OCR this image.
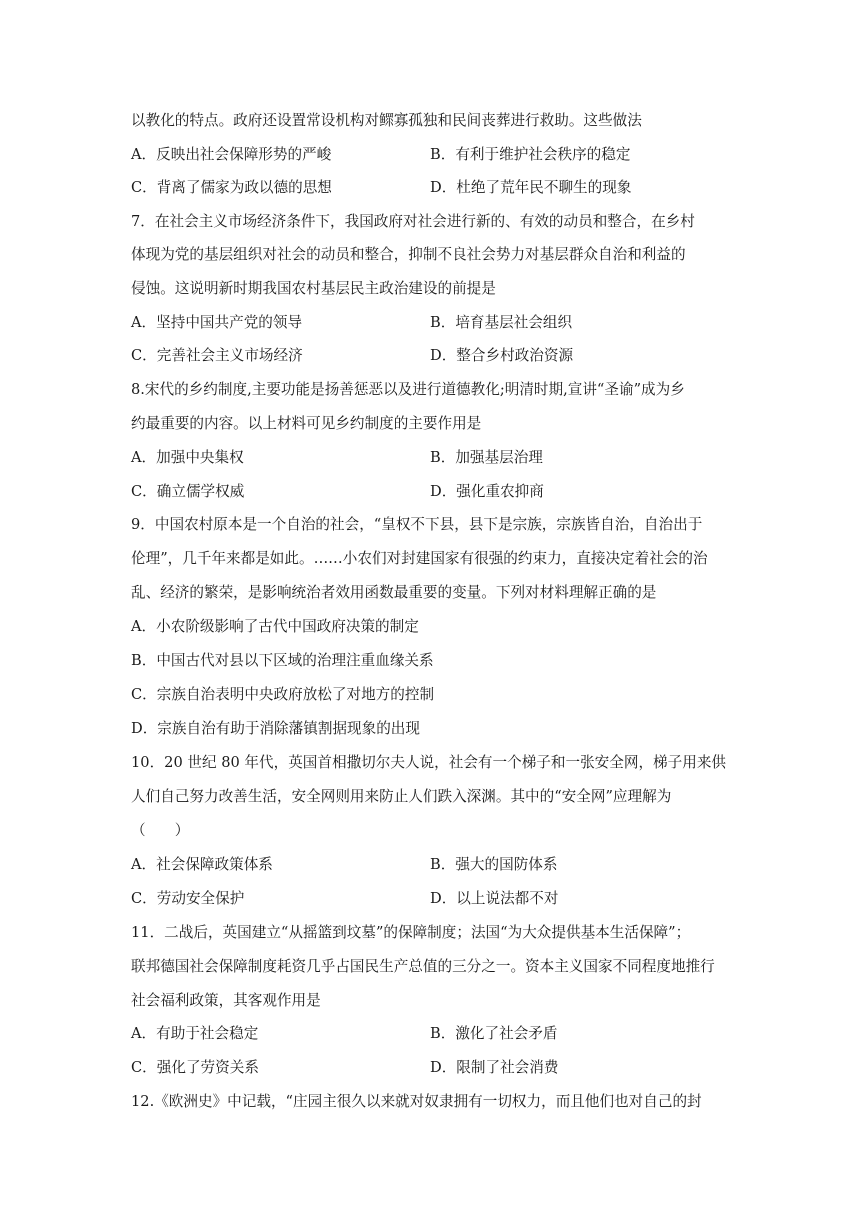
以教化的特点。政府还设置常设机构对鳏寡孤独和民间丧葬进行救助。这些做法
A．反映出社会保障形势的严峻	B．有利于维护社会秩序的稳定
C．背离了儒家为政以德的思想	D．杜绝了荒年民不聊生的现象
7．在社会主义市场经济条件下，我国政府对社会进行新的、有效的动员和整合，在乡村
体现为党的基层组织对社会的动员和整合，抑制不良社会势力对基层群众自治和利益的
侵蚀。这说明新时期我国农村基层民主政治建设的前提是
A．坚持中国共产党的领导	B．培育基层社会组织
C．完善社会主义市场经济	D．整合乡村政治资源
8.宋代的乡约制度,主要功能是扬善惩恶以及进行道德教化;明清时期,宣讲“圣谕”成为乡
约最重要的内容。以上材料可见乡约制度的主要作用是
A．加强中央集权	B．加强基层治理
C．确立儒学权威	D．强化重农抑商
9．中国农村原本是一个自治的社会，“皇权不下县，县下是宗族，宗族皆自治，自治出于
伦理”，几千年来都是如此。……小农们对封建国家有很强的约束力，直接决定着社会的治
乱、经济的繁荣，是影响统治者效用函数最重要的变量。下列对材料理解正确的是
A．小农阶级影响了古代中国政府决策的制定
B．中国古代对县以下区域的治理注重血缘关系
C．宗族自治表明中央政府放松了对地方的控制
D．宗族自治有助于消除藩镇割据现象的出现
10．20 世纪 80 年代，英国首相撒切尔夫人说，社会有一个梯子和一张安全网，梯子用来供
人们自己努力改善生活，安全网则用来防止人们跌入深渊。其中的“安全网”应理解为
（　　）
A．社会保障政策体系	B．强大的国防体系
C．劳动安全保护	D．以上说法都不对
11．二战后，英国建立“从摇篮到坟墓”的保障制度；法国“为大众提供基本生活保障”；
联邦德国社会保障制度耗资几乎占国民生产总值的三分之一。资本主义国家不同程度地推行
社会福利政策，其客观作用是
A．有助于社会稳定	B．激化了社会矛盾
C．强化了劳资关系	D．限制了社会消费
12.《欧洲史》中记载，“庄园主很久以来就对奴隶拥有一切权力，而且他们也对自己的封
